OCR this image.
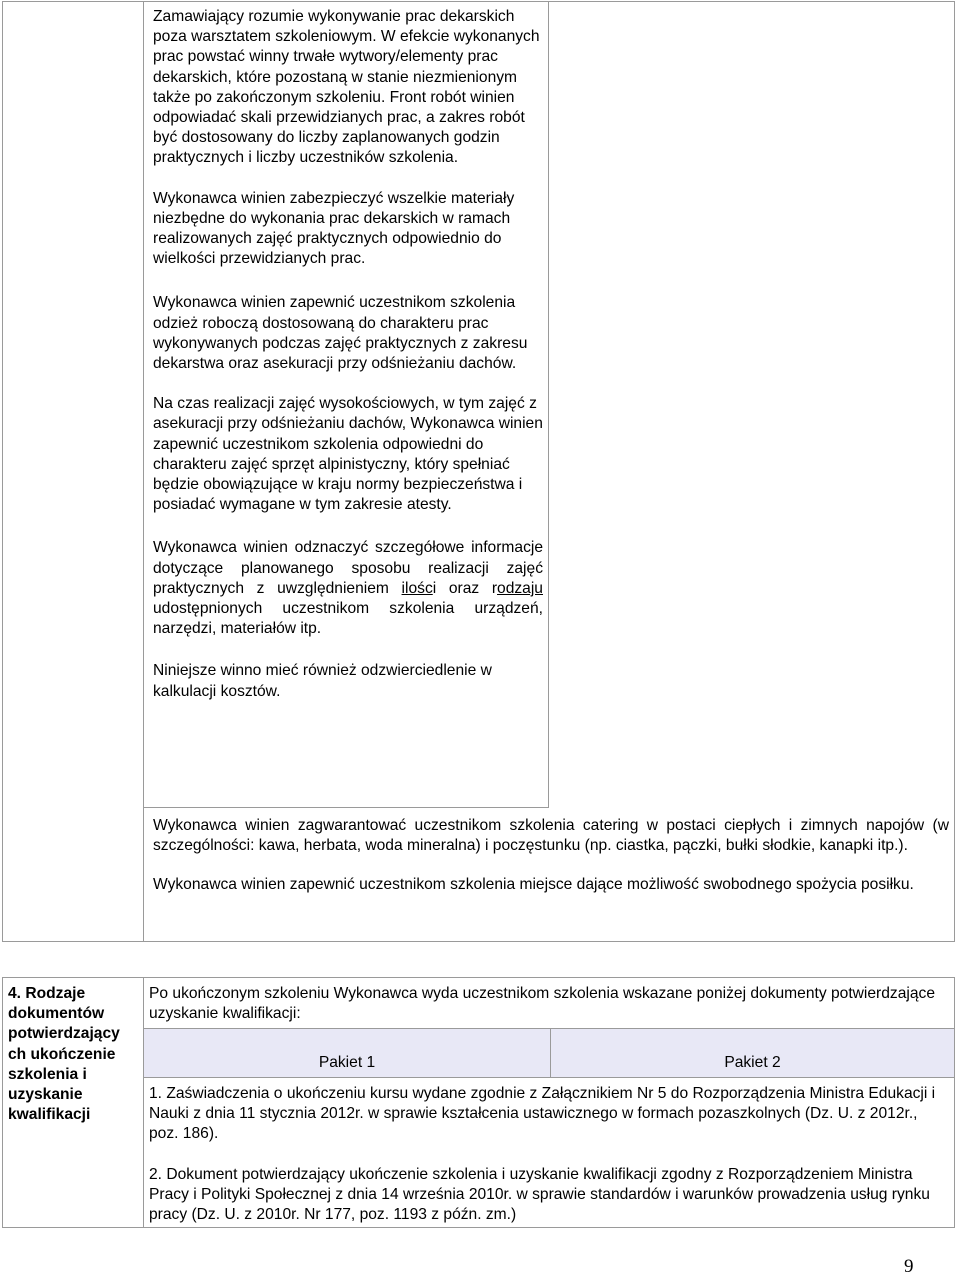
Zamawiający rozumie wykonywanie prac dekarskich poza warsztatem szkoleniowym. W efekcie wykonanych prac powstać winny trwałe wytwory/elementy prac dekarskich, które pozostaną w stanie niezmienionym także po zakończonym szkoleniu. Front robót winien odpowiadać skali przewidzianych prac, a zakres robót być dostosowany do liczby zaplanowanych godzin praktycznych i liczby uczestników szkolenia.

Wykonawca winien zabezpieczyć wszelkie materiały niezbędne do wykonania prac dekarskich w ramach realizowanych zajęć praktycznych odpowiednio do wielkości przewidzianych prac.

Wykonawca winien zapewnić uczestnikom szkolenia odzież roboczą dostosowaną do charakteru prac wykonywanych podczas zajęć praktycznych z zakresu dekarstwa oraz asekuracji przy odśnieżaniu dachów.

Na czas realizacji zajęć wysokościowych, w tym zajęć z asekuracji przy odśnieżaniu dachów, Wykonawca winien zapewnić uczestnikom szkolenia odpowiedni do charakteru zajęć sprzęt alpinistyczny, który spełniać będzie obowiązujące w kraju normy bezpieczeństwa i posiadać wymagane w tym zakresie atesty.

Wykonawca winien odznaczyć szczegółowe informacje dotyczące planowanego sposobu realizacji zajęć praktycznych z uwzględnieniem ilości oraz rodzaju udostępnionych uczestnikom szkolenia urządzeń, narzędzi, materiałów itp.

Niniejsze winno mieć również odzwierciedlenie w kalkulacji kosztów.

Wykonawca winien zagwarantować uczestnikom szkolenia catering w postaci ciepłych i zimnych napojów (w szczególności: kawa, herbata, woda mineralna) i poczęstunku (np. ciastka, pączki, bułki słodkie, kanapki itp.).

Wykonawca winien zapewnić uczestnikom szkolenia miejsce dające możliwość swobodnego spożycia posiłku.

4. Rodzaje dokumentów potwierdzający ch ukończenie szkolenia i uzyskanie kwalifikacji

Po ukończonym szkoleniu Wykonawca wyda uczestnikom szkolenia wskazane poniżej dokumenty potwierdzające uzyskanie kwalifikacji:

Pakiet 1	Pakiet 2

1. Zaświadczenia o ukończeniu kursu wydane zgodnie z Załącznikiem Nr 5 do Rozporządzenia Ministra Edukacji i Nauki z dnia 11 stycznia 2012r. w sprawie kształcenia ustawicznego w formach pozaszkolnych (Dz. U. z 2012r., poz. 186).

2. Dokument potwierdzający ukończenie szkolenia i uzyskanie kwalifikacji zgodny z Rozporządzeniem Ministra Pracy i Polityki Społecznej z dnia 14 września 2010r. w sprawie standardów i warunków prowadzenia usług rynku pracy (Dz. U. z 2010r. Nr 177, poz. 1193 z późn. zm.)

9
